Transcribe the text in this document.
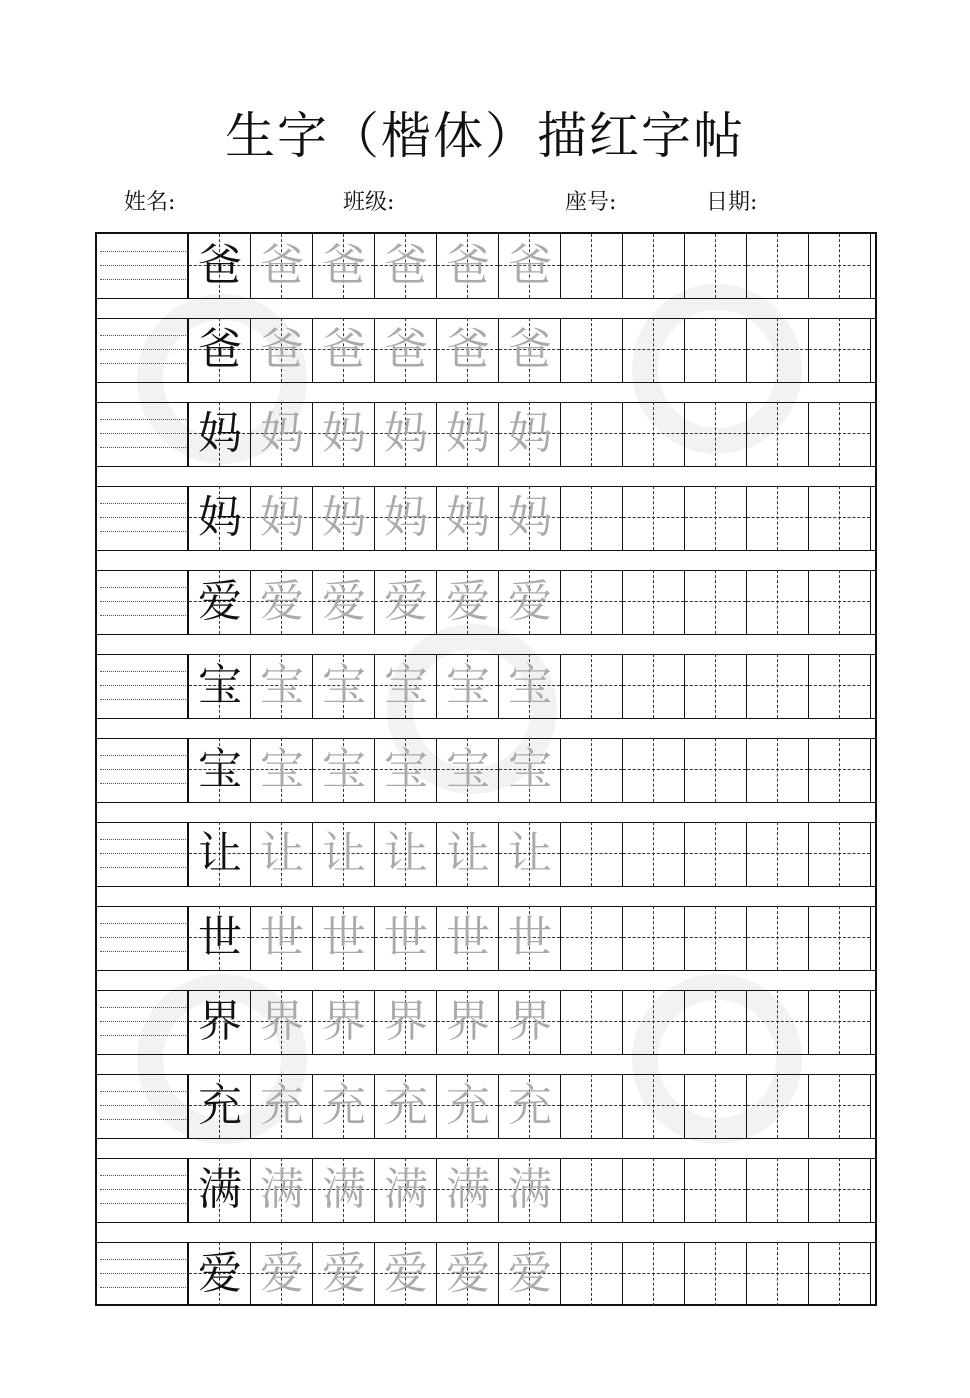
生字（楷体）描红字帖
姓名:	班级:	座号:	日期:
爸 爸 爸 爸 爸 爸
爸 爸 爸 爸 爸 爸
妈 妈 妈 妈 妈 妈
妈 妈 妈 妈 妈 妈
爱 爱 爱 爱 爱 爱
宝 宝 宝 宝 宝 宝
宝 宝 宝 宝 宝 宝
让 让 让 让 让 让
世 世 世 世 世 世
界 界 界 界 界 界
充 充 充 充 充 充
满 满 满 满 满 满
爱 爱 爱 爱 爱 爱
